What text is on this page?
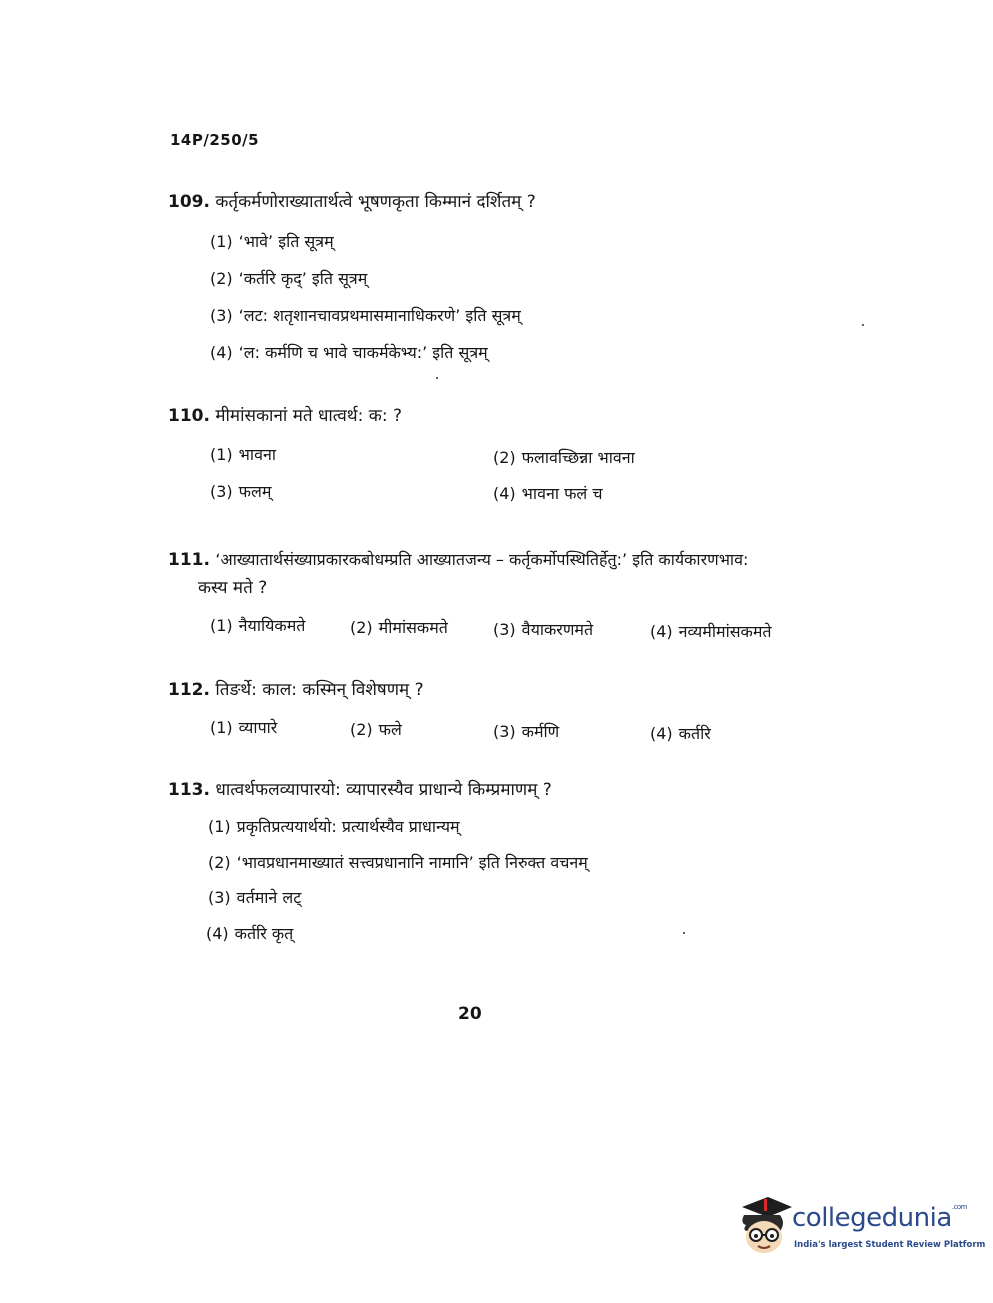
14P/250/5
109. कर्तृकर्मणोराख्यातार्थत्वे भूषणकृता किम्मानं दर्शितम् ?
(1) ‘भावे’ इति सूत्रम्
(2) ‘कर्तरि कृद्’ इति सूत्रम्
(3) ‘लट: शतृशानचावप्रथमासमानाधिकरणे’ इति सूत्रम्
(4) ‘ल: कर्मणि च भावे चाकर्मकेभ्य:’ इति सूत्रम्
110. मीमांसकानां मते धात्वर्थ: क: ?
(1) भावना	(2) फलावच्छिन्ना भावना
(3) फलम्	(4) भावना फलं च
111. ‘आख्यातार्थसंख्याप्रकारकबोधम्प्रति आख्यातजन्य – कर्तृकर्मोपस्थितिर्हेतु:’ इति कार्यकारणभाव:
कस्य मते ?
(1) नैयायिकमते	(2) मीमांसकमते	(3) वैयाकरणमते	(4) नव्यमीमांसकमते
112. तिङर्थे: काल: कस्मिन् विशेषणम् ?
(1) व्यापारे	(2) फले	(3) कर्मणि	(4) कर्तरि
113. धात्वर्थफलव्यापारयो: व्यापारस्यैव प्राधान्ये किम्प्रमाणम् ?
(1) प्रकृतिप्रत्ययार्थयो: प्रत्यार्थस्यैव प्राधान्यम्
(2) ‘भावप्रधानमाख्यातं सत्त्वप्रधानानि नामानि’ इति निरुक्त वचनम्
(3) वर्तमाने लट्
(4) कर्तरि कृत्
20
collegedunia$^{.com}$
India's largest Student Review Platform
